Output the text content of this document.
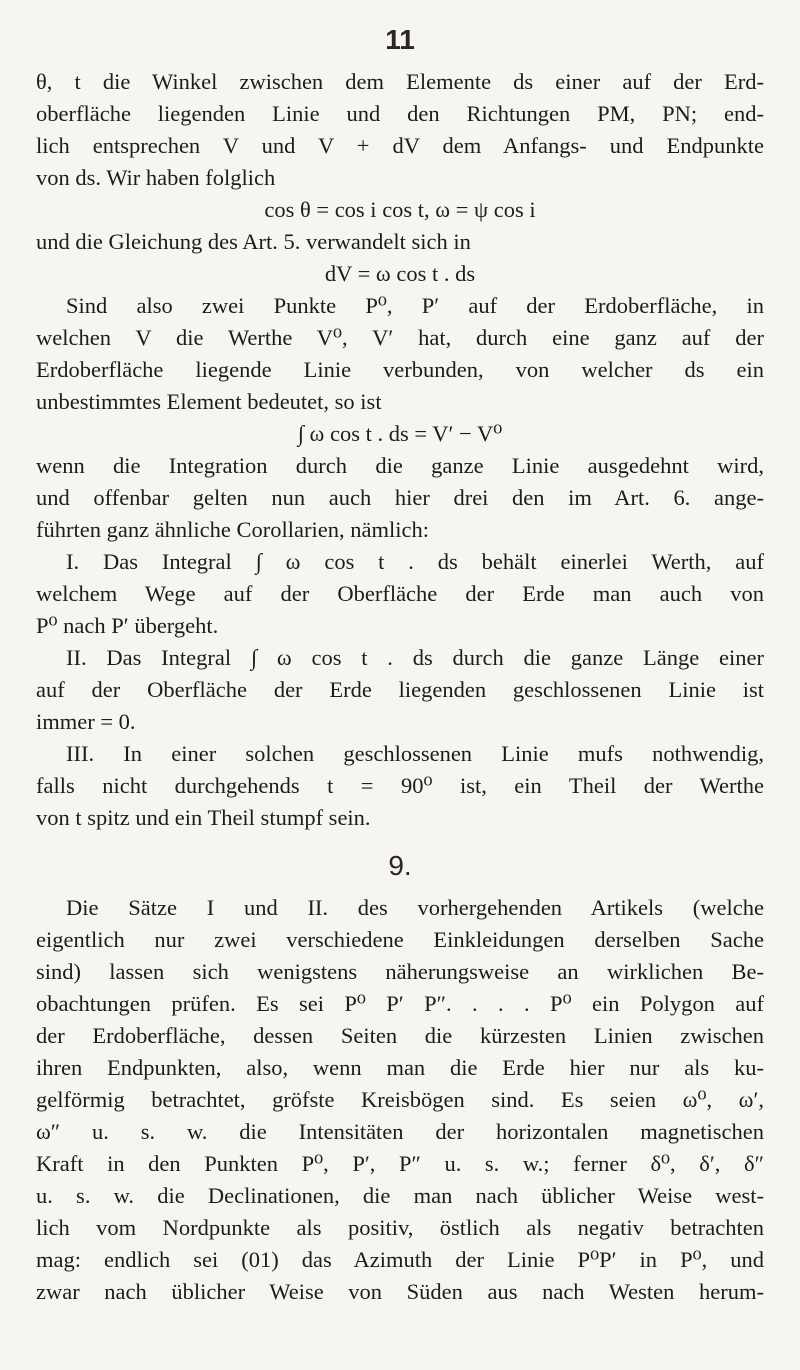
11
θ, t die Winkel zwischen dem Elemente ds einer auf der Erd-
oberfläche liegenden Linie und den Richtungen PM, PN; end-
lich entsprechen V und V + dV dem Anfangs- und Endpunkte
von ds. Wir haben folglich
cos θ = cos i cos t, ω = ψ cos i
und die Gleichung des Art. 5. verwandelt sich in
dV = ω cos t . ds
Sind also zwei Punkte P⁰, P′ auf der Erdoberfläche, in
welchen V die Werthe V⁰, V′ hat, durch eine ganz auf der
Erdoberfläche liegende Linie verbunden, von welcher ds ein
unbestimmtes Element bedeutet, so ist
∫ ω cos t . ds = V′ − V⁰
wenn die Integration durch die ganze Linie ausgedehnt wird,
und offenbar gelten nun auch hier drei den im Art. 6. ange-
führten ganz ähnliche Corollarien, nämlich:
I. Das Integral ∫ ω cos t . ds behält einerlei Werth, auf
welchem Wege auf der Oberfläche der Erde man auch von
P⁰ nach P′ übergeht.
II. Das Integral ∫ ω cos t . ds durch die ganze Länge einer
auf der Oberfläche der Erde liegenden geschlossenen Linie ist
immer = 0.
III. In einer solchen geschlossenen Linie mufs nothwendig,
falls nicht durchgehends t = 90⁰ ist, ein Theil der Werthe
von t spitz und ein Theil stumpf sein.
9.
Die Sätze I und II. des vorhergehenden Artikels (welche
eigentlich nur zwei verschiedene Einkleidungen derselben Sache
sind) lassen sich wenigstens näherungsweise an wirklichen Be-
obachtungen prüfen. Es sei P⁰ P′ P″. . . . P⁰ ein Polygon auf
der Erdoberfläche, dessen Seiten die kürzesten Linien zwischen
ihren Endpunkten, also, wenn man die Erde hier nur als ku-
gelförmig betrachtet, gröfste Kreisbögen sind. Es seien ω⁰, ω′,
ω″ u. s. w. die Intensitäten der horizontalen magnetischen
Kraft in den Punkten P⁰, P′, P″ u. s. w.; ferner δ⁰, δ′, δ″
u. s. w. die Declinationen, die man nach üblicher Weise west-
lich vom Nordpunkte als positiv, östlich als negativ betrachten
mag: endlich sei (01) das Azimuth der Linie P⁰P′ in P⁰, und
zwar nach üblicher Weise von Süden aus nach Westen herum-
